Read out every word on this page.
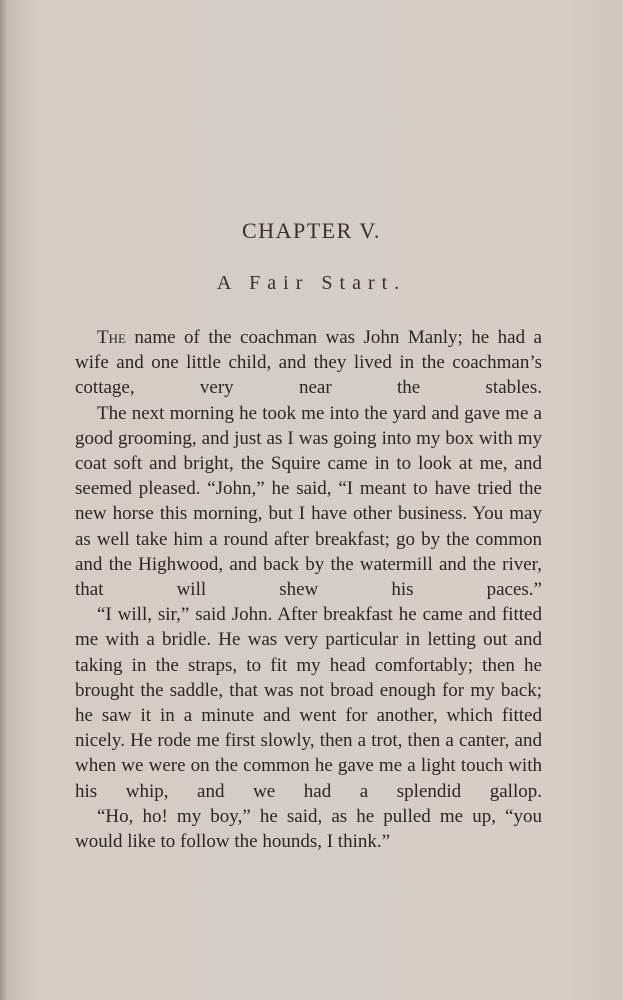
CHAPTER V.
A Fair Start.

The name of the coachman was John Manly; he had a wife and one little child, and they lived in the coachman’s cottage, very near the stables.

The next morning he took me into the yard and gave me a good grooming, and just as I was going into my box with my coat soft and bright, the Squire came in to look at me, and seemed pleased. “John,” he said, “I meant to have tried the new horse this morning, but I have other business. You may as well take him a round after breakfast; go by the common and the Highwood, and back by the watermill and the river, that will shew his paces.”

“I will, sir,” said John. After breakfast he came and fitted me with a bridle. He was very particular in letting out and taking in the straps, to fit my head comfortably; then he brought the saddle, that was not broad enough for my back; he saw it in a minute and went for another, which fitted nicely. He rode me first slowly, then a trot, then a canter, and when we were on the common he gave me a light touch with his whip, and we had a splendid gallop.

“Ho, ho! my boy,” he said, as he pulled me up, “you would like to follow the hounds, I think.”
